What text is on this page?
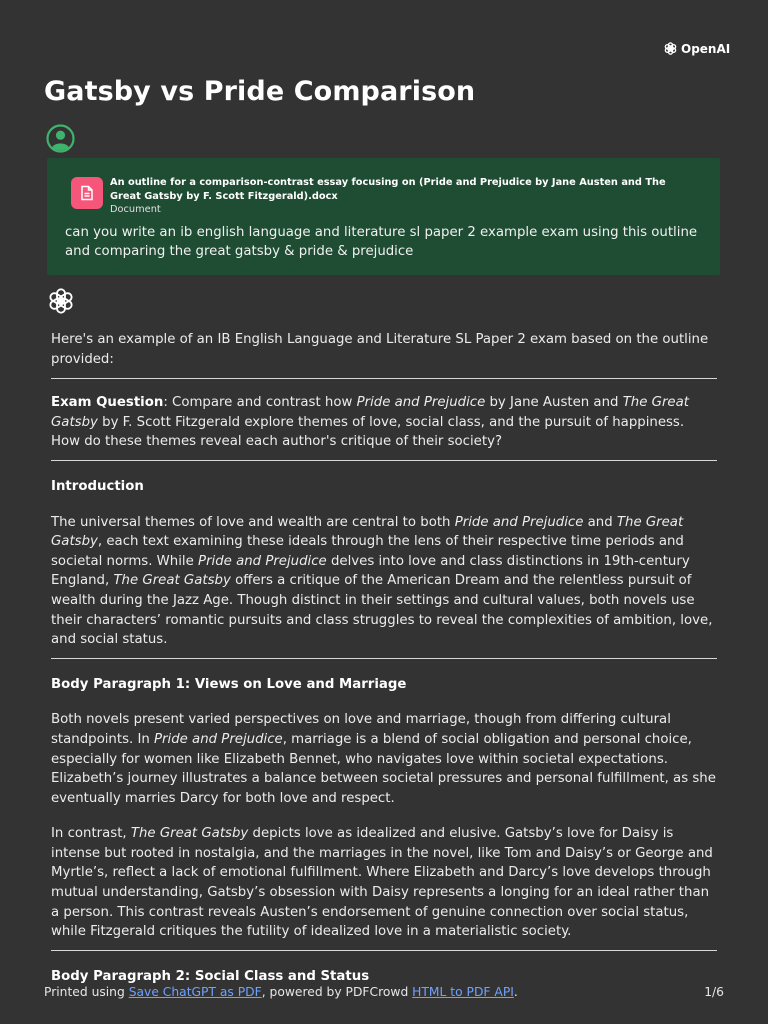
OpenAI
Gatsby vs Pride Comparison
An outline for a comparison-contrast essay focusing on (Pride and Prejudice by Jane Austen and The Great Gatsby by F. Scott Fitzgerald).docx
Document
can you write an ib english language and literature sl paper 2 example exam using this outline and comparing the great gatsby & pride & prejudice

Here's an example of an IB English Language and Literature SL Paper 2 exam based on the outline provided:

Exam Question: Compare and contrast how Pride and Prejudice by Jane Austen and The Great Gatsby by F. Scott Fitzgerald explore themes of love, social class, and the pursuit of happiness. How do these themes reveal each author's critique of their society?

Introduction

The universal themes of love and wealth are central to both Pride and Prejudice and The Great Gatsby, each text examining these ideals through the lens of their respective time periods and societal norms. While Pride and Prejudice delves into love and class distinctions in 19th-century England, The Great Gatsby offers a critique of the American Dream and the relentless pursuit of wealth during the Jazz Age. Though distinct in their settings and cultural values, both novels use their characters’ romantic pursuits and class struggles to reveal the complexities of ambition, love, and social status.

Body Paragraph 1: Views on Love and Marriage

Both novels present varied perspectives on love and marriage, though from differing cultural standpoints. In Pride and Prejudice, marriage is a blend of social obligation and personal choice, especially for women like Elizabeth Bennet, who navigates love within societal expectations. Elizabeth’s journey illustrates a balance between societal pressures and personal fulfillment, as she eventually marries Darcy for both love and respect.

In contrast, The Great Gatsby depicts love as idealized and elusive. Gatsby’s love for Daisy is intense but rooted in nostalgia, and the marriages in the novel, like Tom and Daisy’s or George and Myrtle’s, reflect a lack of emotional fulfillment. Where Elizabeth and Darcy’s love develops through mutual understanding, Gatsby’s obsession with Daisy represents a longing for an ideal rather than a person. This contrast reveals Austen’s endorsement of genuine connection over social status, while Fitzgerald critiques the futility of idealized love in a materialistic society.

Body Paragraph 2: Social Class and Status
Printed using Save ChatGPT as PDF, powered by PDFCrowd HTML to PDF API.	1/6
